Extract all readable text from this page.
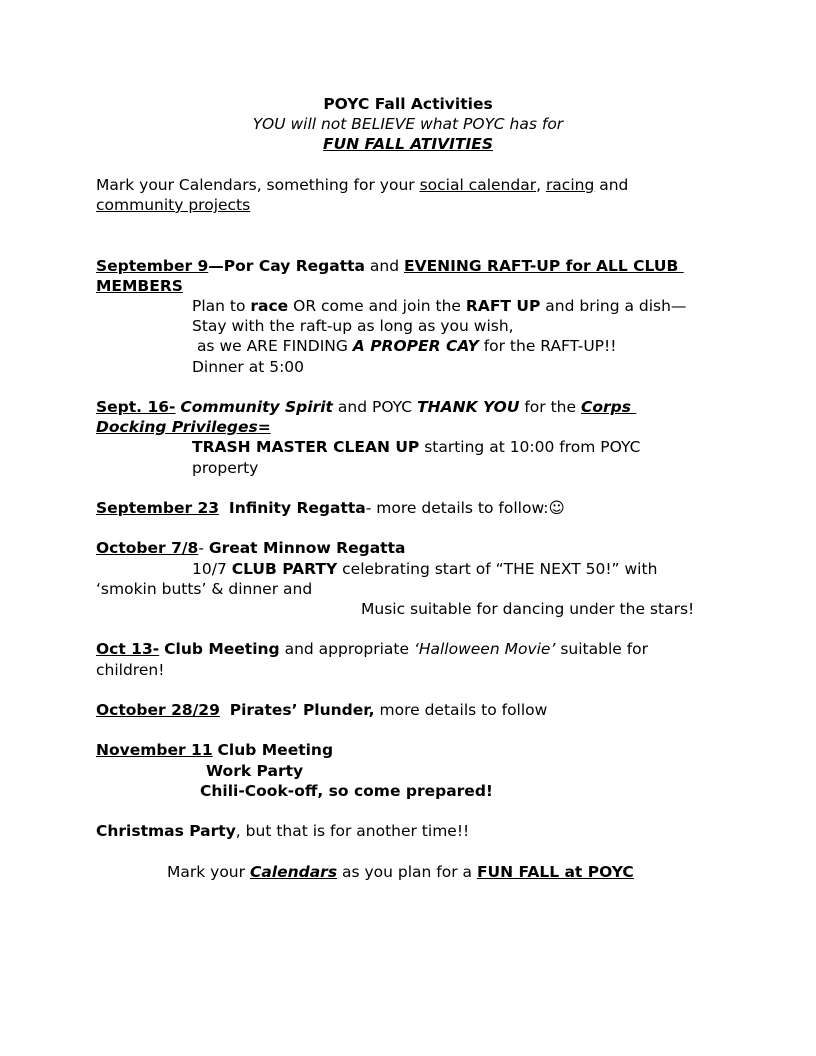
POYC Fall Activities
YOU will not BELIEVE what POYC has for
FUN FALL ATIVITIES
Mark your Calendars, something for your social calendar, racing and
community projects
September 9—Por Cay Regatta and EVENING RAFT-UP for ALL CLUB
MEMBERS
Plan to race OR come and join the RAFT UP and bring a dish—
Stay with the raft-up as long as you wish,
as we ARE FINDING A PROPER CAY for the RAFT-UP!!
Dinner at 5:00
Sept. 16- Community Spirit and POYC THANK YOU for the Corps
Docking Privileges=
TRASH MASTER CLEAN UP starting at 10:00 from POYC
property
September 23 Infinity Regatta- more details to follow:☺
October 7/8- Great Minnow Regatta
10/7 CLUB PARTY celebrating start of “THE NEXT 50!” with
‘smokin butts’ & dinner and
Music suitable for dancing under the stars!
Oct 13- Club Meeting and appropriate ‘Halloween Movie’ suitable for
children!
October 28/29 Pirates’ Plunder, more details to follow
November 11 Club Meeting
Work Party
Chili-Cook-off, so come prepared!
Christmas Party, but that is for another time!!
Mark your Calendars as you plan for a FUN FALL at POYC
